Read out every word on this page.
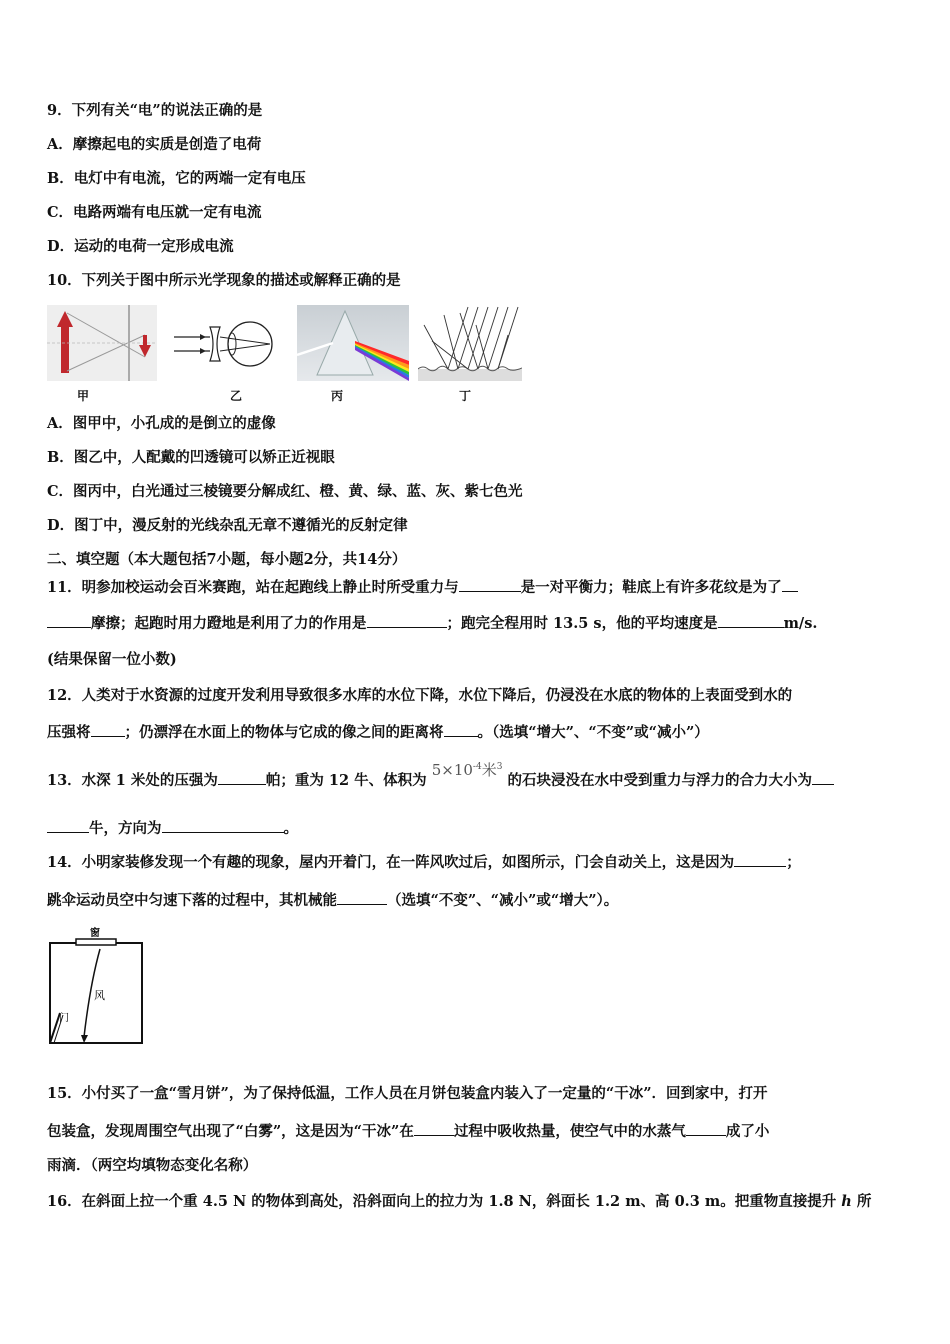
9．下列有关“电”的说法正确的是
A．摩擦起电的实质是创造了电荷
B．电灯中有电流，它的两端一定有电压
C．电路两端有电压就一定有电流
D．运动的电荷一定形成电流
10．下列关于图中所示光学现象的描述或解释正确的是
甲	乙	丙	丁
A．图甲中，小孔成的是倒立的虚像
B．图乙中，人配戴的凹透镜可以矫正近视眼
C．图丙中，白光通过三棱镜要分解成红、橙、黄、绿、蓝、灰、紫七色光
D．图丁中，漫反射的光线杂乱无章不遵循光的反射定律
二、填空题（本大题包括7小题，每小题2分，共14分）
11．明参加校运动会百米赛跑，站在起跑线上静止时所受重力与	是一对平衡力；鞋底上有许多花纹是为了
摩擦；起跑时用力蹬地是利用了力的作用是	；跑完全程用时 13.5 s，他的平均速度是	m/s.
(结果保留一位小数)
12．人类对于水资源的过度开发利用导致很多水库的水位下降，水位下降后，仍浸没在水底的物体的上表面受到水的
压强将 ；仍漂浮在水面上的物体与它成的像之间的距离将 。（选填“增大”、“不变”或“减小”）
13．水深 1 米处的压强为	帕；重为 12 牛、体积为 $5\times 10^{-4}$米$^3$ 的石块浸没在水中受到重力与浮力的合力大小为
牛，方向为	。
14．小明家装修发现一个有趣的现象，屋内开着门，在一阵风吹过后，如图所示，门会自动关上，这是因为	；
跳伞运动员空中匀速下落的过程中，其机械能	（选填“不变”、“减小”或“增大”）。
窗
风
门
15．小付买了一盒“雪月饼”，为了保持低温，工作人员在月饼包装盒内装入了一定量的“干冰”．回到家中，打开
包装盒，发现周围空气出现了“白雾”，这是因为“干冰”在	过程中吸收热量，使空气中的水蒸气	成了小
雨滴．（两空均填物态变化名称）
16．在斜面上拉一个重 4.5 N 的物体到高处，沿斜面向上的拉力为 1.8 N，斜面长 1.2 m、高 0.3 m。把重物直接提升 h 所
